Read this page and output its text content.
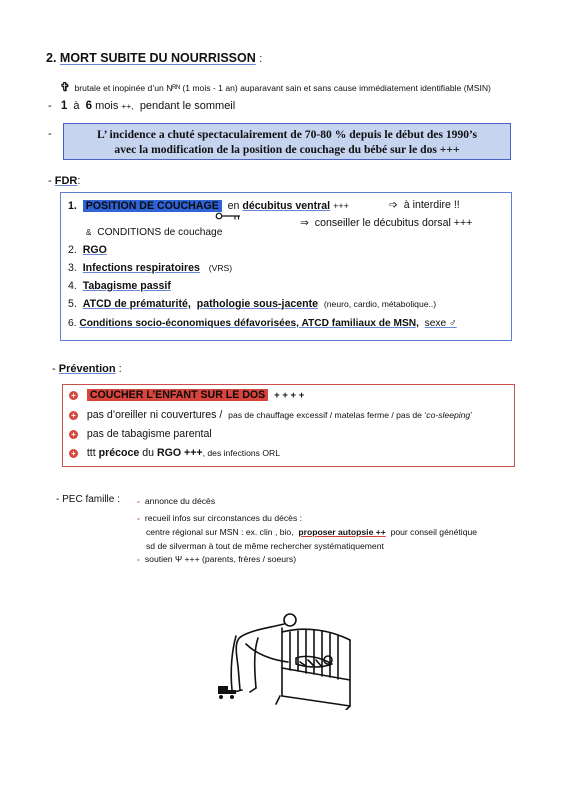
2. MORT SUBITE DU NOURRISSON :
✞ brutale et inopinée d’un Nᴿᴺ (1 mois - 1 an) auparavant sain et sans cause immédiatement identifiable (MSIN)
- 1 à 6 mois ++, pendant le sommeil
-	L’ incidence a chuté spectaculairement de 70-80 % depuis le début des 1990’s
avec la modification de la position de couchage du bébé sur le dos +++
- FDR:
1. POSITION DE COUCHAGE en décubitus ventral +++	➩ à interdire !!
& CONDITIONS de couchage
⇒ conseiller le décubitus dorsal +++
2. RGO
3. Infections respiratoires (VRS)
4. Tabagisme passif
5. ATCD de prématurité, pathologie sous-jacente (neuro, cardio, métabolique..)
6. Conditions socio-économiques défavorisées, ATCD familiaux de MSN, sexe ♂
- Prévention :
+ COUCHER L’ENFANT SUR LE DOS + + + +
+ pas d’oreiller ni couvertures / pas de chauffage excessif / matelas ferme / pas de ‘co-sleeping’
+ pas de tabagisme parental
+ ttt précoce du RGO +++, des infections ORL
- PEC famille : - annonce du décès
- recueil infos sur circonstances du décès :
centre régional sur MSN : ex. clin , bio, proposer autopsie ++ pour conseil génétique
sd de silverman à tout de même rechercher systématiquement
- soutien Ψ +++ (parents, frères / soeurs)
